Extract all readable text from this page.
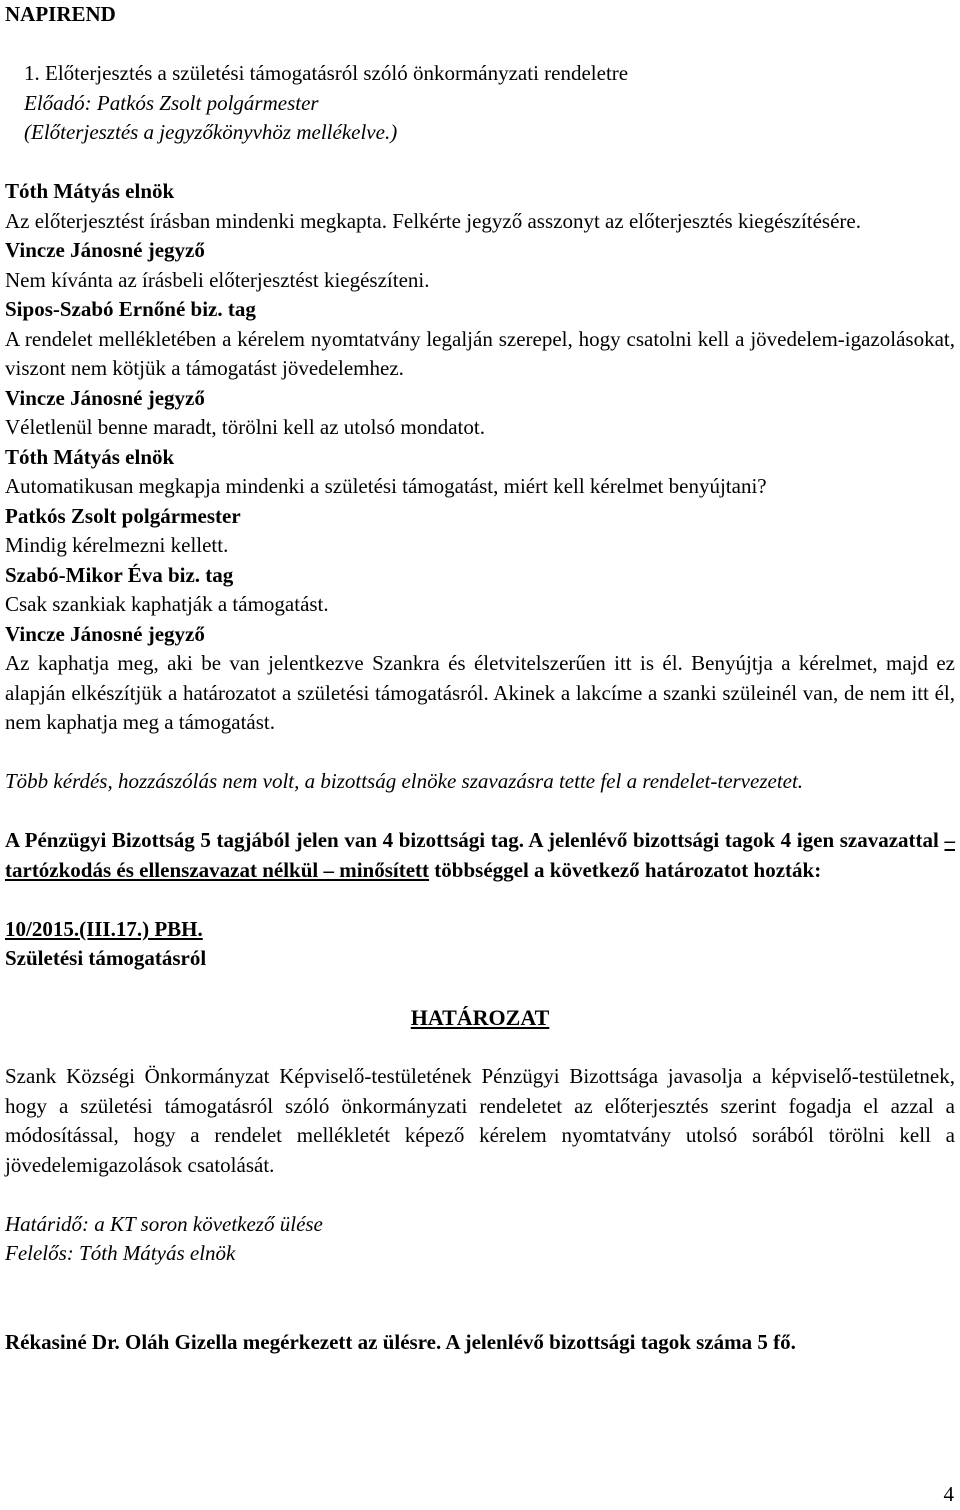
NAPIREND

1. Előterjesztés a születési támogatásról szóló önkormányzati rendeletre

Előadó: Patkós Zsolt polgármester

(Előterjesztés a jegyzőkönyvhöz mellékelve.)

Tóth Mátyás elnök

Az előterjesztést írásban mindenki megkapta. Felkérte jegyző asszonyt az előterjesztés kiegészítésére.

Vincze Jánosné jegyző

Nem kívánta az írásbeli előterjesztést kiegészíteni.

Sipos-Szabó Ernőné biz. tag

A rendelet mellékletében a kérelem nyomtatvány legalján szerepel, hogy csatolni kell a jövedelem-igazolásokat, viszont nem kötjük a támogatást jövedelemhez.

Vincze Jánosné jegyző

Véletlenül benne maradt, törölni kell az utolsó mondatot.

Tóth Mátyás elnök

Automatikusan megkapja mindenki a születési támogatást, miért kell kérelmet benyújtani?

Patkós Zsolt polgármester

Mindig kérelmezni kellett.

Szabó-Mikor Éva biz. tag

Csak szankiak kaphatják a támogatást.

Vincze Jánosné jegyző

Az kaphatja meg, aki be van jelentkezve Szankra és életvitelszerűen itt is él. Benyújtja a kérelmet, majd ez alapján elkészítjük a határozatot a születési támogatásról. Akinek a lakcíme a szanki szüleinél van, de nem itt él, nem kaphatja meg a támogatást.

Több kérdés, hozzászólás nem volt, a bizottság elnöke szavazásra tette fel a rendelet-tervezetet.

A Pénzügyi Bizottság 5 tagjából jelen van 4 bizottsági tag. A jelenlévő bizottsági tagok 4 igen szavazattal –tartózkodás és ellenszavazat nélkül – minősített többséggel a következő határozatot hozták:

10/2015.(III.17.) PBH.

Születési támogatásról

HATÁROZAT

Szank Községi Önkormányzat Képviselő-testületének Pénzügyi Bizottsága javasolja a képviselő-testületnek, hogy a születési támogatásról szóló önkormányzati rendeletet az előterjesztés szerint fogadja el azzal a módosítással, hogy a rendelet mellékletét képező kérelem nyomtatvány utolsó sorából törölni kell a jövedelemigazolások csatolását.

Határidő: a KT soron következő ülése

Felelős: Tóth Mátyás elnök

Rékasiné Dr. Oláh Gizella megérkezett az ülésre. A jelenlévő bizottsági tagok száma 5 fő.

4
